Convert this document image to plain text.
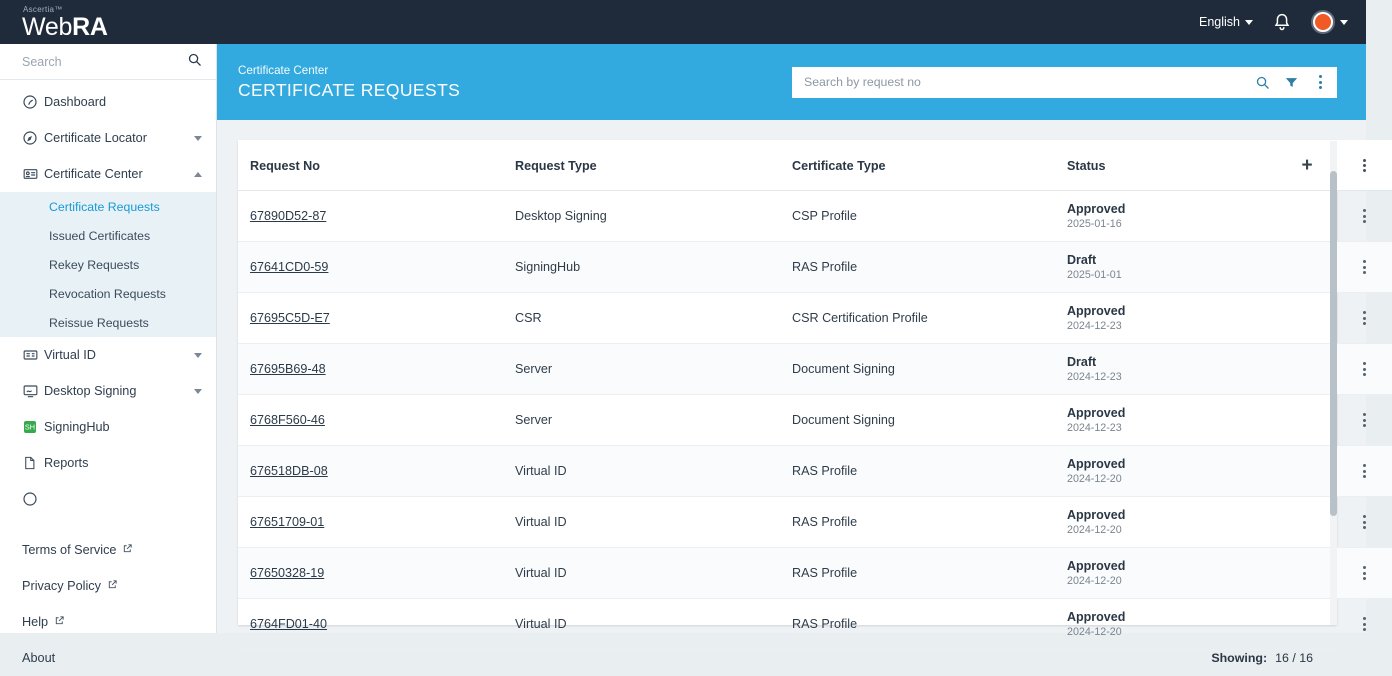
Ascertia™
WebRA	English
Search
Dashboard
Certificate Locator
Certificate Center
Certificate Requests
Issued Certificates
Rekey Requests
Revocation Requests
Reissue Requests
Virtual ID
Desktop Signing
SH SigningHub
Reports
Terms of Service
Privacy Policy
Help
About
Certificate Center
CERTIFICATE REQUESTS
Search by request no
Request No	Request Type	Certificate Type	Status	+	

67890D52-87	Desktop Signing	CSP Profile	Approved
2025-01-16		

67641CD0-59	SigningHub	RAS Profile	Draft
2025-01-01		

67695C5D-E7	CSR	CSR Certification Profile	Approved
2024-12-23		

67695B69-48	Server	Document Signing	Draft
2024-12-23		

6768F560-46	Server	Document Signing	Approved
2024-12-23		

676518DB-08	Virtual ID	RAS Profile	Approved
2024-12-20		

67651709-01	Virtual ID	RAS Profile	Approved
2024-12-20		

67650328-19	Virtual ID	RAS Profile	Approved
2024-12-20		

6764FD01-40	Virtual ID	RAS Profile	Approved
2024-12-20		

Showing: 16 / 16
